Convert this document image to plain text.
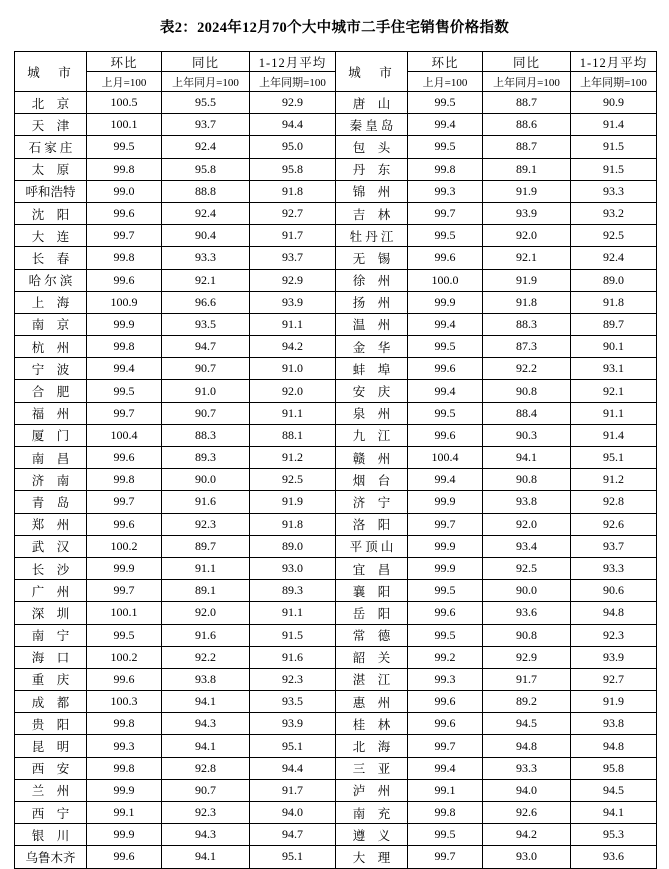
表2：2024年12月70个大中城市二手住宅销售价格指数
城　市	环比	同比	1-12月平均	城　市	环比	同比	1-12月平均
	上月=100	上年同月=100	上年同期=100		上月=100	上年同月=100	上年同期=100
北　京	100.5	95.5	92.9	唐　山	99.5	88.7	90.9
天　津	100.1	93.7	94.4	秦 皇 岛	99.4	88.6	91.4
石 家 庄	99.5	92.4	95.0	包　头	99.5	88.7	91.5
太　原	99.8	95.8	95.8	丹　东	99.8	89.1	91.5
呼和浩特	99.0	88.8	91.8	锦　州	99.3	91.9	93.3
沈　阳	99.6	92.4	92.7	吉　林	99.7	93.9	93.2
大　连	99.7	90.4	91.7	牡 丹 江	99.5	92.0	92.5
长　春	99.8	93.3	93.7	无　锡	99.6	92.1	92.4
哈 尔 滨	99.6	92.1	92.9	徐　州	100.0	91.9	89.0
上　海	100.9	96.6	93.9	扬　州	99.9	91.8	91.8
南　京	99.9	93.5	91.1	温　州	99.4	88.3	89.7
杭　州	99.8	94.7	94.2	金　华	99.5	87.3	90.1
宁　波	99.4	90.7	91.0	蚌　埠	99.6	92.2	93.1
合　肥	99.5	91.0	92.0	安　庆	99.4	90.8	92.1
福　州	99.7	90.7	91.1	泉　州	99.5	88.4	91.1
厦　门	100.4	88.3	88.1	九　江	99.6	90.3	91.4
南　昌	99.6	89.3	91.2	赣　州	100.4	94.1	95.1
济　南	99.8	90.0	92.5	烟　台	99.4	90.8	91.2
青　岛	99.7	91.6	91.9	济　宁	99.9	93.8	92.8
郑　州	99.6	92.3	91.8	洛　阳	99.7	92.0	92.6
武　汉	100.2	89.7	89.0	平 顶 山	99.9	93.4	93.7
长　沙	99.9	91.1	93.0	宜　昌	99.9	92.5	93.3
广　州	99.7	89.1	89.3	襄　阳	99.5	90.0	90.6
深　圳	100.1	92.0	91.1	岳　阳	99.6	93.6	94.8
南　宁	99.5	91.6	91.5	常　德	99.5	90.8	92.3
海　口	100.2	92.2	91.6	韶　关	99.2	92.9	93.9
重　庆	99.6	93.8	92.3	湛　江	99.3	91.7	92.7
成　都	100.3	94.1	93.5	惠　州	99.6	89.2	91.9
贵　阳	99.8	94.3	93.9	桂　林	99.6	94.5	93.8
昆　明	99.3	94.1	95.1	北　海	99.7	94.8	94.8
西　安	99.8	92.8	94.4	三　亚	99.4	93.3	95.8
兰　州	99.9	90.7	91.7	泸　州	99.1	94.0	94.5
西　宁	99.1	92.3	94.0	南　充	99.8	92.6	94.1
银　川	99.9	94.3	94.7	遵　义	99.5	94.2	95.3
乌鲁木齐	99.6	94.1	95.1	大　理	99.7	93.0	93.6
